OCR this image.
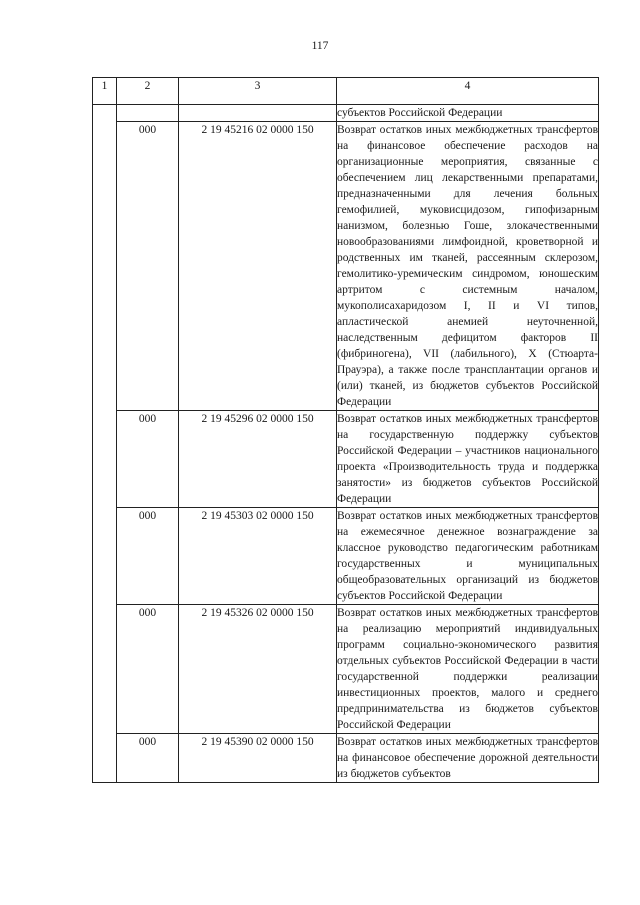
117
1	2	3	4
			субъектов Российской Федерации
	000	2 19 45216 02 0000 150	Возврат остатков иных межбюджетных трансфертов на финансовое обеспечение расходов на организационные мероприятия, связанные с обеспечением лиц лекарственными препаратами, предназначенными для лечения больных гемофилией, муковисцидозом, гипофизарным нанизмом, болезнью Гоше, злокачественными новообразованиями лимфоидной, кроветворной и родственных им тканей, рассеянным склерозом, гемолитико-уремическим синдромом, юношеским артритом с системным началом, мукополисахаридозом I, II и VI типов, апластической анемией неуточненной, наследственным дефицитом факторов II (фибриногена), VII (лабильного), X (Стюарта-Прауэра), а также после трансплантации органов и (или) тканей, из бюджетов субъектов Российской Федерации
	000	2 19 45296 02 0000 150	Возврат остатков иных межбюджетных трансфертов на государственную поддержку субъектов Российской Федерации – участников национального проекта «Производительность труда и поддержка занятости» из бюджетов субъектов Российской Федерации
	000	2 19 45303 02 0000 150	Возврат остатков иных межбюджетных трансфертов на ежемесячное денежное вознаграждение за классное руководство педагогическим работникам государственных и муниципальных общеобразовательных организаций из бюджетов субъектов Российской Федерации
	000	2 19 45326 02 0000 150	Возврат остатков иных межбюджетных трансфертов на реализацию мероприятий индивидуальных программ социально-экономического развития отдельных субъектов Российской Федерации в части государственной поддержки реализации инвестиционных проектов, малого и среднего предпринимательства из бюджетов субъектов Российской Федерации
	000	2 19 45390 02 0000 150	Возврат остатков иных межбюджетных трансфертов на финансовое обеспечение дорожной деятельности из бюджетов субъектов
